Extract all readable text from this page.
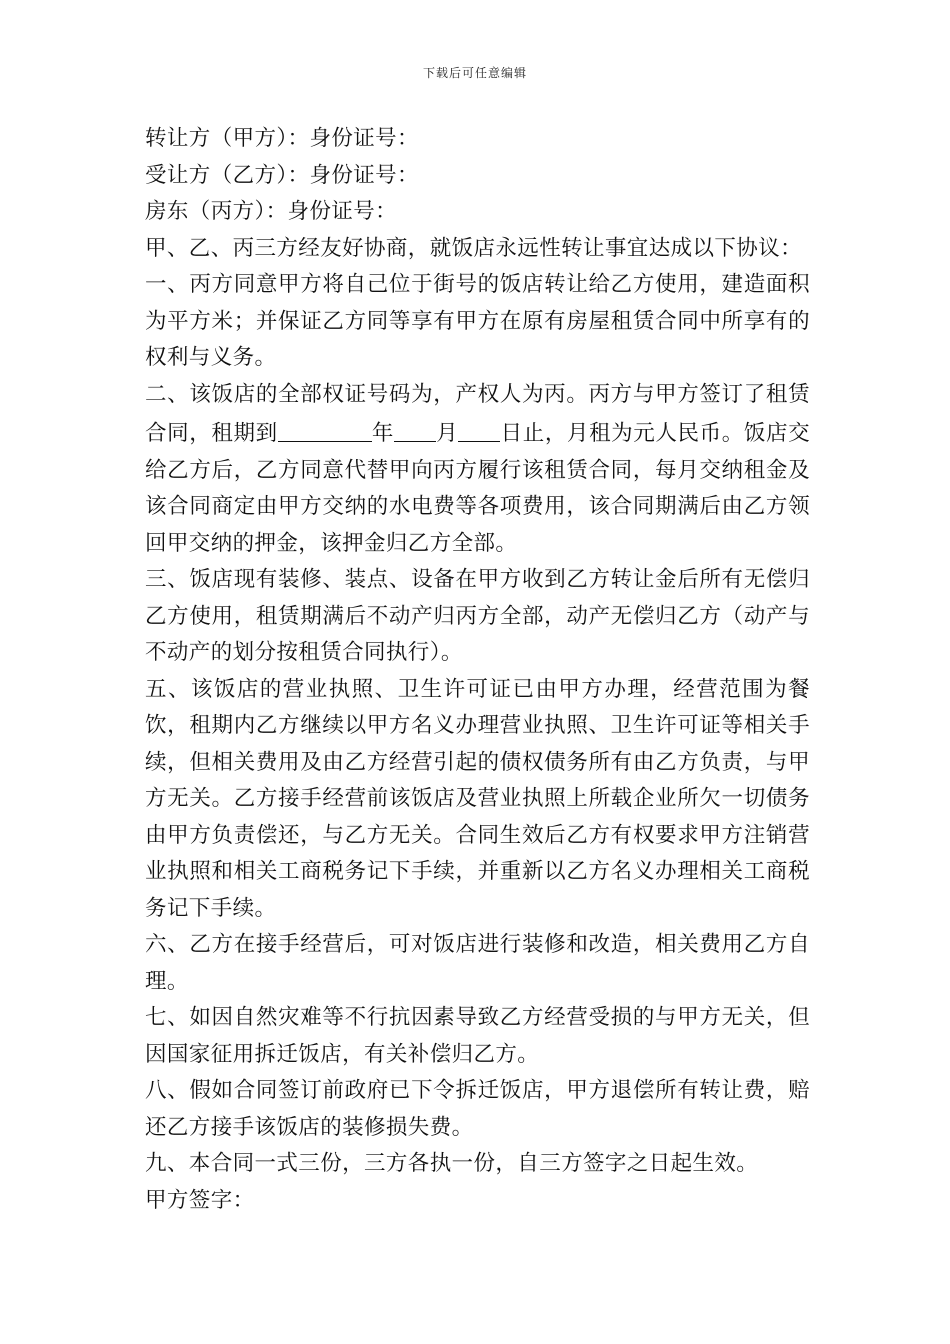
下载后可任意编辑

转让方（甲方）：身份证号：

受让方（乙方）：身份证号：

房东（丙方）：身份证号：

甲、乙、丙三方经友好协商，就饭店永远性转让事宜达成以下协议：

一、丙方同意甲方将自己位于街号的饭店转让给乙方使用，建造面积为平方米；并保证乙方同等享有甲方在原有房屋租赁合同中所享有的权利与义务。

二、该饭店的全部权证号码为，产权人为丙。丙方与甲方签订了租赁合同，租期到	年 月 日止，月租为元人民币。饭店交给乙方后，乙方同意代替甲向丙方履行该租赁合同，每月交纳租金及该合同商定由甲方交纳的水电费等各项费用，该合同期满后由乙方领回甲交纳的押金，该押金归乙方全部。

三、饭店现有装修、装点、设备在甲方收到乙方转让金后所有无偿归乙方使用，租赁期满后不动产归丙方全部，动产无偿归乙方（动产与不动产的划分按租赁合同执行）。

五、该饭店的营业执照、卫生许可证已由甲方办理，经营范围为餐饮，租期内乙方继续以甲方名义办理营业执照、卫生许可证等相关手续，但相关费用及由乙方经营引起的债权债务所有由乙方负责，与甲方无关。乙方接手经营前该饭店及营业执照上所载企业所欠一切债务由甲方负责偿还，与乙方无关。合同生效后乙方有权要求甲方注销营业执照和相关工商税务记下手续，并重新以乙方名义办理相关工商税务记下手续。

六、乙方在接手经营后，可对饭店进行装修和改造，相关费用乙方自理。

七、如因自然灾难等不行抗因素导致乙方经营受损的与甲方无关，但因国家征用拆迁饭店，有关补偿归乙方。

八、假如合同签订前政府已下令拆迁饭店，甲方退偿所有转让费，赔还乙方接手该饭店的装修损失费。

九、本合同一式三份，三方各执一份，自三方签字之日起生效。

甲方签字：
